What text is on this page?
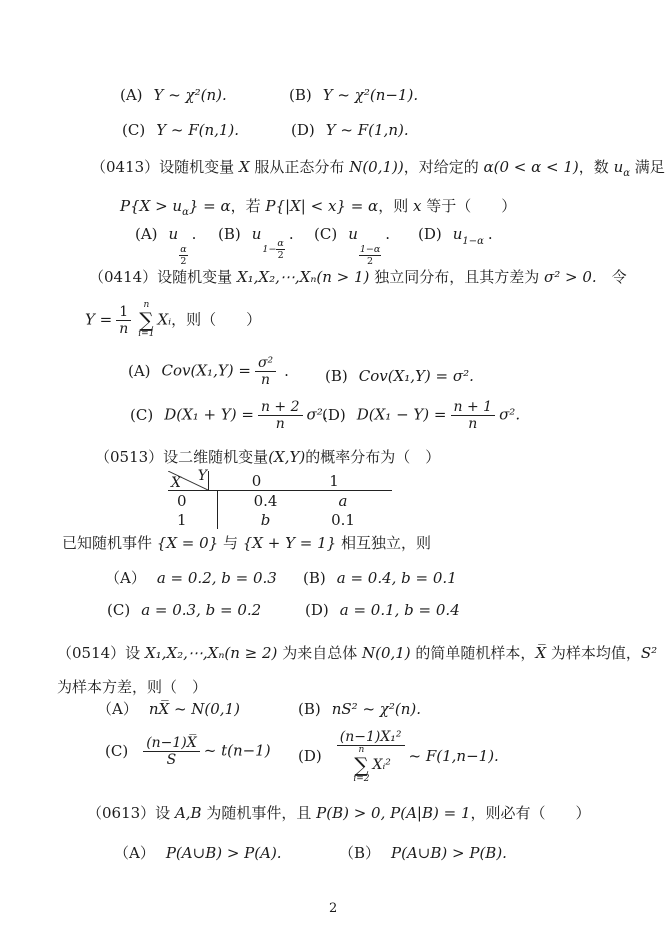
(A) Y ~ χ²(n).	(B) Y ~ χ²(n−1).
(C) Y ~ F(n,1).	(D) Y ~ F(1,n).
（0413）设随机变量 X 服从正态分布 N(0,1))，对给定的 α(0 < α < 1)，数 $u_\alpha$ 满足
$P\{X > u_\alpha\} = \alpha$，若 P{|X| < x} = α，则 x 等于（　　）
(A) u
$\frac{\alpha}{2}$
. (B) u
$1- \frac{\alpha}{2}$
. (C) u
$\frac{1-\alpha}{2}$
. (D) $u_{1-\alpha}$ .
（0414）设随机变量 X₁,X₂,⋯,Xₙ(n > 1) 独立同分布，且其方差为 σ² > 0.　令
$Y = \frac{1}{n}$ n
∑
i=1
Xᵢ，则（　　）
(A) $Cov(X_1,Y) = \frac{\text{σ²}}{n}$ . (B) Cov(X₁,Y) = σ².
(C) $D(X_1 + Y) = \frac{n + 2}{n} \sigma^2$.
(D) $D(X_1 - Y) = \frac{n + 1}{n} \sigma^2$.
（0513）设二维随机变量(X,Y)的概率分布为（　）
X Y	0	1
0	0.4	a
1	b	0.1
已知随机事件 {X = 0} 与 {X + Y = 1} 相互独立，则
（A） a = 0.2, b = 0.3 (B) a = 0.4, b = 0.1
(C) a = 0.3, b = 0.2	(D) a = 0.1, b = 0.4
（0514）设 X₁,X₂,⋯,Xₙ(n ≥ 2) 为来自总体 N(0,1) 的简单随机样本，X̅ 为样本均值，S²
为样本方差，则（　）
（A） nX̅ ~ N(0,1)	(B) nS² ~ χ²(n).
$(C) \frac{(n-1)X̅}{S}$ ~ t(n−1) (D) (n−1)X₁²
n
∑
i=2
Xᵢ² ~ F(1,n−1).
（0613）设 A,B 为随机事件，且 P(B) > 0, P(A|B) = 1，则必有（　　）
（A） P(A∪B) > P(A).	（B） P(A∪B) > P(B).
2
